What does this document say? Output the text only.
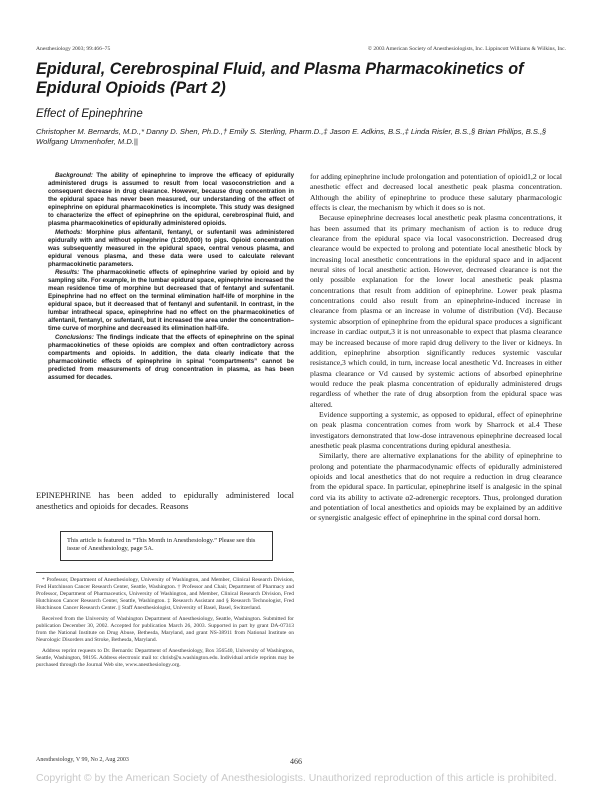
Anesthesiology 2003; 99:466–75	© 2003 American Society of Anesthesiologists, Inc. Lippincott Williams & Wilkins, Inc.
Epidural, Cerebrospinal Fluid, and Plasma Pharmacokinetics of Epidural Opioids (Part 2)
Effect of Epinephrine
Christopher M. Bernards, M.D.,* Danny D. Shen, Ph.D.,† Emily S. Sterling, Pharm.D.,‡ Jason E. Adkins, B.S.,‡ Linda Risler, B.S.,§ Brian Phillips, B.S.,§ Wolfgang Ummenhofer, M.D.||

Background: The ability of epinephrine to improve the efficacy of epidurally administered drugs is assumed to result from local vasoconstriction and a consequent decrease in drug clearance. However, because drug concentration in the epidural space has never been measured, our understanding of the effect of epinephrine on epidural pharmacokinetics is incomplete. This study was designed to characterize the effect of epinephrine on the epidural, cerebrospinal fluid, and plasma pharmacokinetics of epidurally administered opioids.

Methods: Morphine plus alfentanil, fentanyl, or sufentanil was administered epidurally with and without epinephrine (1:200,000) to pigs. Opioid concentration was subsequently measured in the epidural space, central venous plasma, and epidural venous plasma, and these data were used to calculate relevant pharmacokinetic parameters.

Results: The pharmacokinetic effects of epinephrine varied by opioid and by sampling site. For example, in the lumbar epidural space, epinephrine increased the mean residence time of morphine but decreased that of fentanyl and sufentanil. Epinephrine had no effect on the terminal elimination half-life of morphine in the epidural space, but it decreased that of fentanyl and sufentanil. In contrast, in the lumbar intrathecal space, epinephrine had no effect on the pharmacokinetics of alfentanil, fentanyl, or sufentanil, but it increased the area under the concentration–time curve of morphine and decreased its elimination half-life.

Conclusions: The findings indicate that the effects of epinephrine on the spinal pharmacokinetics of these opioids are complex and often contradictory across compartments and opioids. In addition, the data clearly indicate that the pharmacokinetic effects of epinephrine in spinal “compartments” cannot be predicted from measurements of drug concentration in plasma, as has been assumed for decades.

EPINEPHRINE has been added to epidurally administered local anesthetics and opioids for decades. Reasons

This article is featured in “This Month in Anesthesiology.” Please see this issue of Anesthesiology, page 5A.

* Professor, Department of Anesthesiology, University of Washington, and Member, Clinical Research Division, Fred Hutchinson Cancer Research Center, Seattle, Washington. † Professor and Chair, Department of Pharmacy and Professor, Department of Pharmaceutics, University of Washington, and Member, Clinical Research Division, Fred Hutchinson Cancer Research Center, Seattle, Washington. ‡ Research Assistant and § Research Technologist, Fred Hutchinson Cancer Research Center. || Staff Anesthesiologist, University of Basel, Basel, Switzerland.

Received from the University of Washington Department of Anesthesiology, Seattle, Washington. Submitted for publication December 30, 2002. Accepted for publication March 26, 2003. Supported in part by grant DA-07313 from the National Institute on Drug Abuse, Bethesda, Maryland, and grant NS-38911 from National Institute on Neurologic Disorders and Stroke, Bethesda, Maryland.

Address reprint requests to Dr. Bernards: Department of Anesthesiology, Box 356540, University of Washington, Seattle, Washington, 98195. Address electronic mail to: chrisb@u.washington.edu. Individual article reprints may be purchased through the Journal Web site, www.anesthesiology.org.

for adding epinephrine include prolongation and potentiation of opioid1,2 or local anesthetic effect and decreased local anesthetic peak plasma concentration. Although the ability of epinephrine to produce these salutary pharmacologic effects is clear, the mechanism by which it does so is not.

Because epinephrine decreases local anesthetic peak plasma concentrations, it has been assumed that its primary mechanism of action is to reduce drug clearance from the epidural space via local vasoconstriction. Decreased drug clearance would be expected to prolong and potentiate local anesthetic block by increasing local anesthetic concentrations in the epidural space and in adjacent neural sites of local anesthetic action. However, decreased clearance is not the only possible explanation for the lower local anesthetic peak plasma concentrations that result from addition of epinephrine. Lower peak plasma concentrations could also result from an epinephrine-induced increase in clearance from plasma or an increase in volume of distribution (Vd). Because systemic absorption of epinephrine from the epidural space produces a significant increase in cardiac output,3 it is not unreasonable to expect that plasma clearance may be increased because of more rapid drug delivery to the liver or kidneys. In addition, epinephrine absorption significantly reduces systemic vascular resistance,3 which could, in turn, increase local anesthetic Vd. Increases in either plasma clearance or Vd caused by systemic actions of absorbed epinephrine would reduce the peak plasma concentration of epidurally administered drugs regardless of whether the rate of drug absorption from the epidural space was altered.

Evidence supporting a systemic, as opposed to epidural, effect of epinephrine on peak plasma concentration comes from work by Sharrock et al.4 These investigators demonstrated that low-dose intravenous epinephrine decreased local anesthetic peak plasma concentrations during epidural anesthesia.

Similarly, there are alternative explanations for the ability of epinephrine to prolong and potentiate the pharmacodynamic effects of epidurally administered opioids and local anesthetics that do not require a reduction in drug clearance from the epidural space. In particular, epinephrine itself is analgesic in the spinal cord via its ability to activate α2-adrenergic receptors. Thus, prolonged duration and potentiation of local anesthetics and opioids may be explained by an additive or synergistic analgesic effect of epinephrine in the spinal cord dorsal horn.

Anesthesiology, V 99, No 2, Aug 2003	466
Copyright © by the American Society of Anesthesiologists. Unauthorized reproduction of this article is prohibited.
